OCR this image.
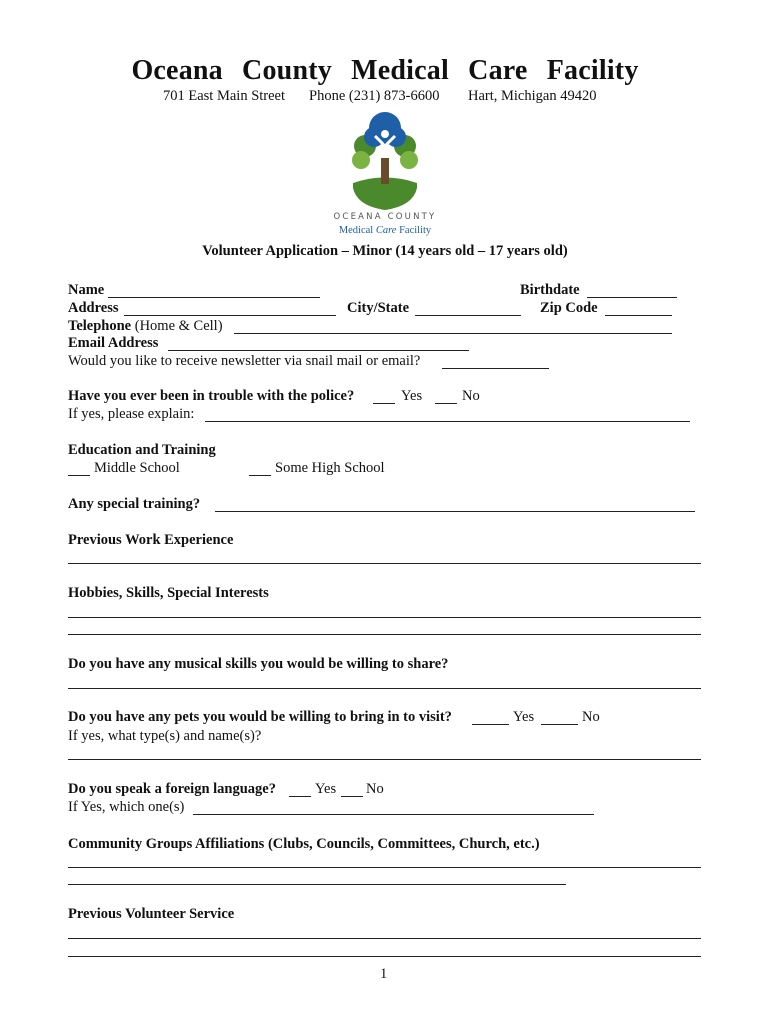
Oceana County Medical Care Facility
701 East Main Street Phone (231) 873-6600 Hart, Michigan 49420
OCEANA COUNTY
Medical Care Facility
Volunteer Application – Minor (14 years old – 17 years old)
Name	Birthdate
Address	City/State	Zip Code
Telephone (Home & Cell)
Email Address
Would you like to receive newsletter via snail mail or email?
Have you ever been in trouble with the police?	Yes	No
If yes, please explain:
Education and Training
Middle School	Some High School
Any special training?
Previous Work Experience
Hobbies, Skills, Special Interests
Do you have any musical skills you would be willing to share?
Do you have any pets you would be willing to bring in to visit?	Yes	No
If yes, what type(s) and name(s)?
Do you speak a foreign language?	Yes No
If Yes, which one(s)
Community Groups Affiliations (Clubs, Councils, Committees, Church, etc.)
Previous Volunteer Service
1
